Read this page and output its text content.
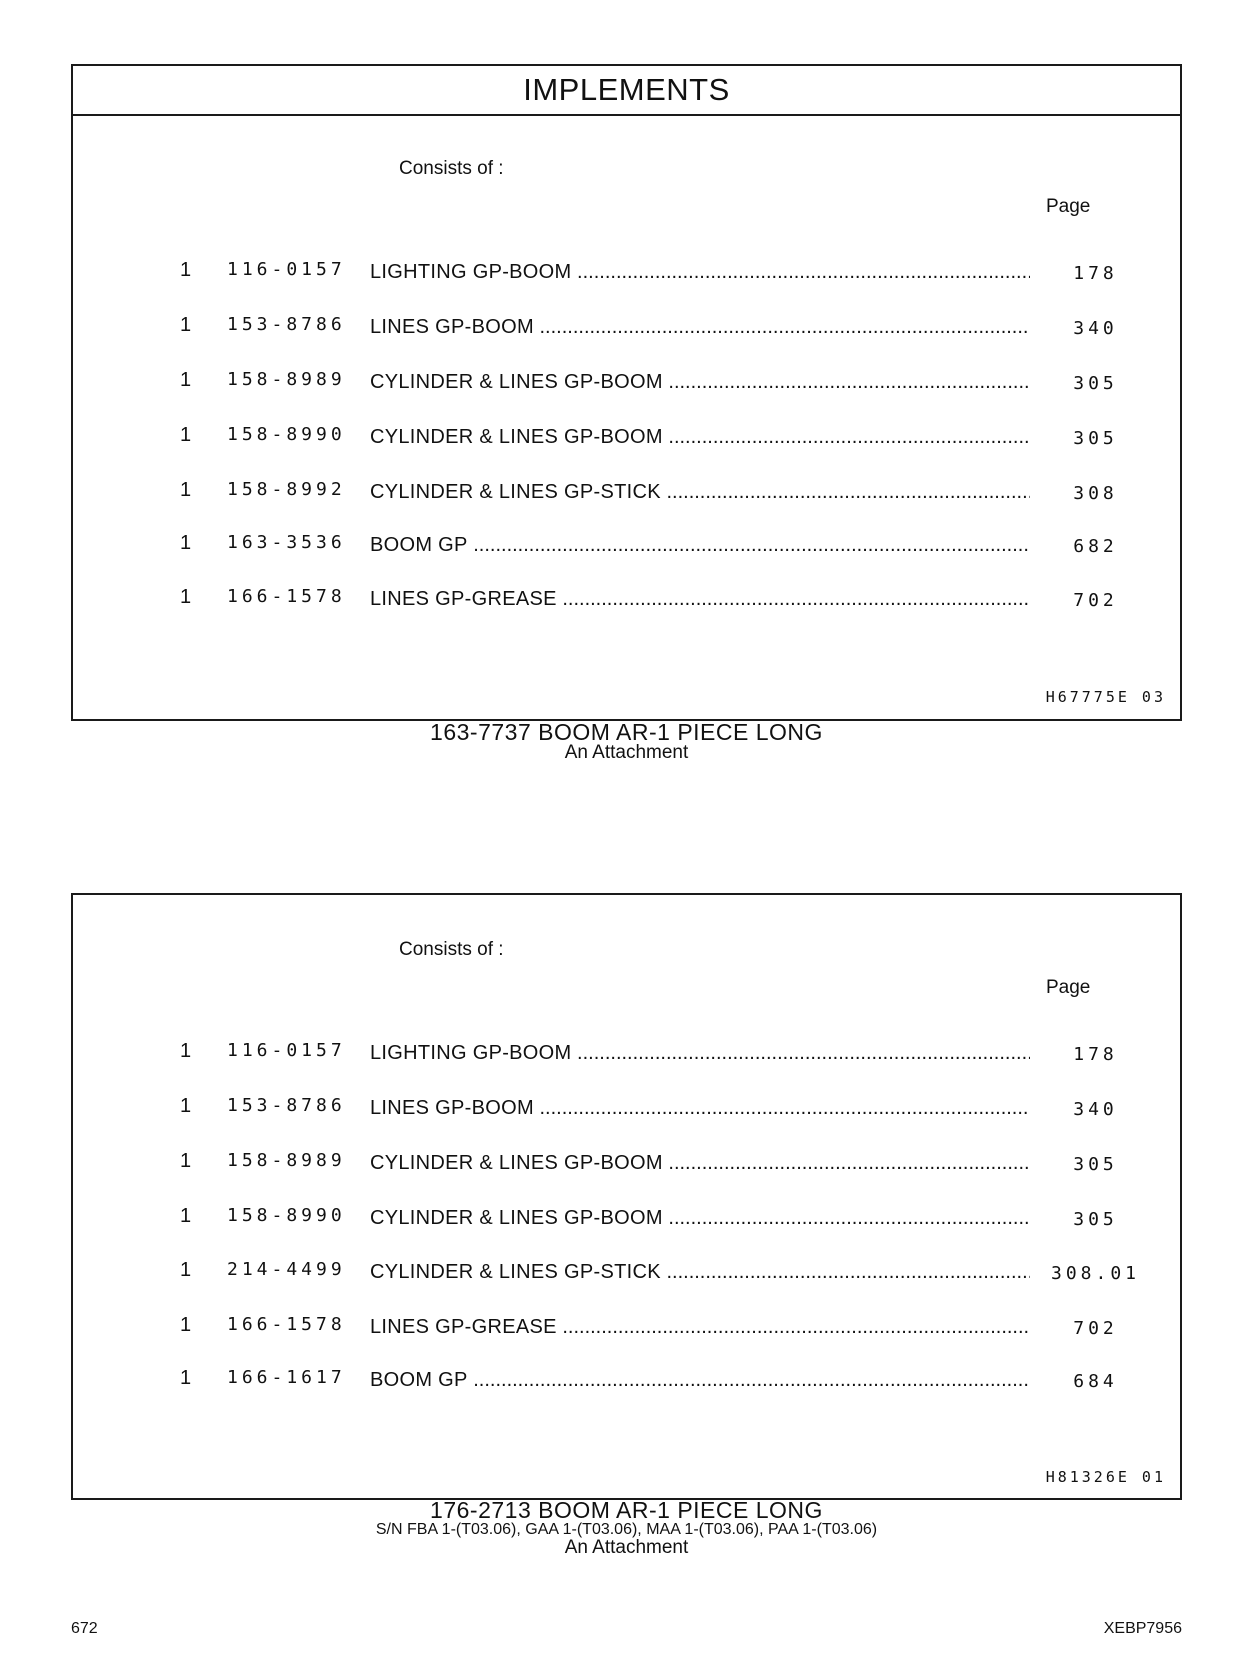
IMPLEMENTS
Consists of :
Page
1 116-0157 LIGHTING GP-BOOM .....	178
1 153-8786 LINES GP-BOOM .....	340
1 158-8989 CYLINDER & LINES GP-BOOM .....	305
1 158-8990 CYLINDER & LINES GP-BOOM .....	305
1 158-8992 CYLINDER & LINES GP-STICK .....	308
1 163-3536 BOOM GP .....	682
1 166-1578 LINES GP-GREASE .....	702
H67775E 03
163-7737 BOOM AR-1 PIECE LONG
An Attachment
Consists of :
Page
1 116-0157 LIGHTING GP-BOOM .....	178
1 153-8786 LINES GP-BOOM .....	340
1 158-8989 CYLINDER & LINES GP-BOOM .....	305
1 158-8990 CYLINDER & LINES GP-BOOM .....	305
1 214-4499 CYLINDER & LINES GP-STICK .....	308.01
1 166-1578 LINES GP-GREASE .....	702
1 166-1617 BOOM GP .....	684
H81326E 01
176-2713 BOOM AR-1 PIECE LONG
S/N FBA 1-(T03.06), GAA 1-(T03.06), MAA 1-(T03.06), PAA 1-(T03.06)
An Attachment
672	XEBP7956
